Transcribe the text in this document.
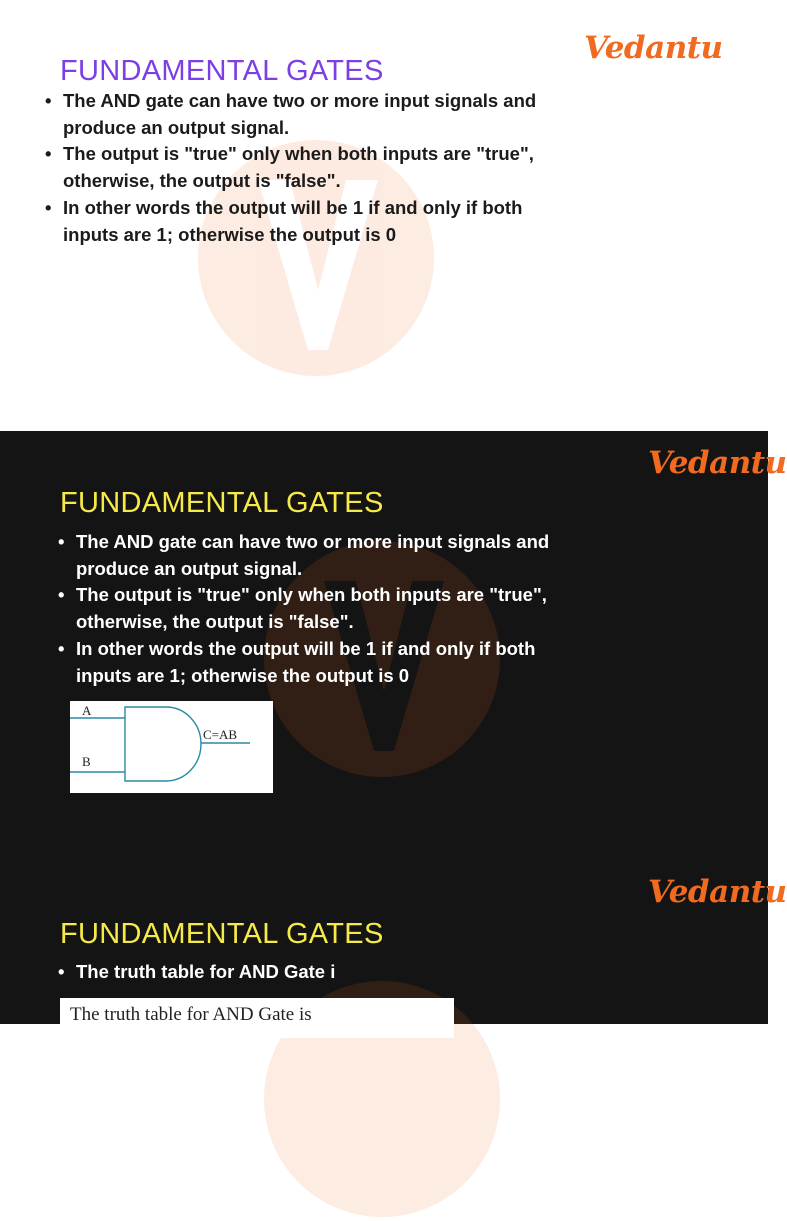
Vedantu
FUNDAMENTAL GATES
• The AND gate can have two or more input signals and produce an output signal.
• The output is "true" only when both inputs are "true", otherwise, the output is "false".
• In other words the output will be 1 if and only if both inputs are 1; otherwise the output is 0
Vedantu
FUNDAMENTAL GATES
• The AND gate can have two or more input signals and produce an output signal.
• The output is "true" only when both inputs are "true", otherwise, the output is "false".
• In other words the output will be 1 if and only if both inputs are 1; otherwise the output is 0
A
B
C=AB
Vedantu
FUNDAMENTAL GATES
• The truth table for AND Gate i
The truth table for AND Gate is
